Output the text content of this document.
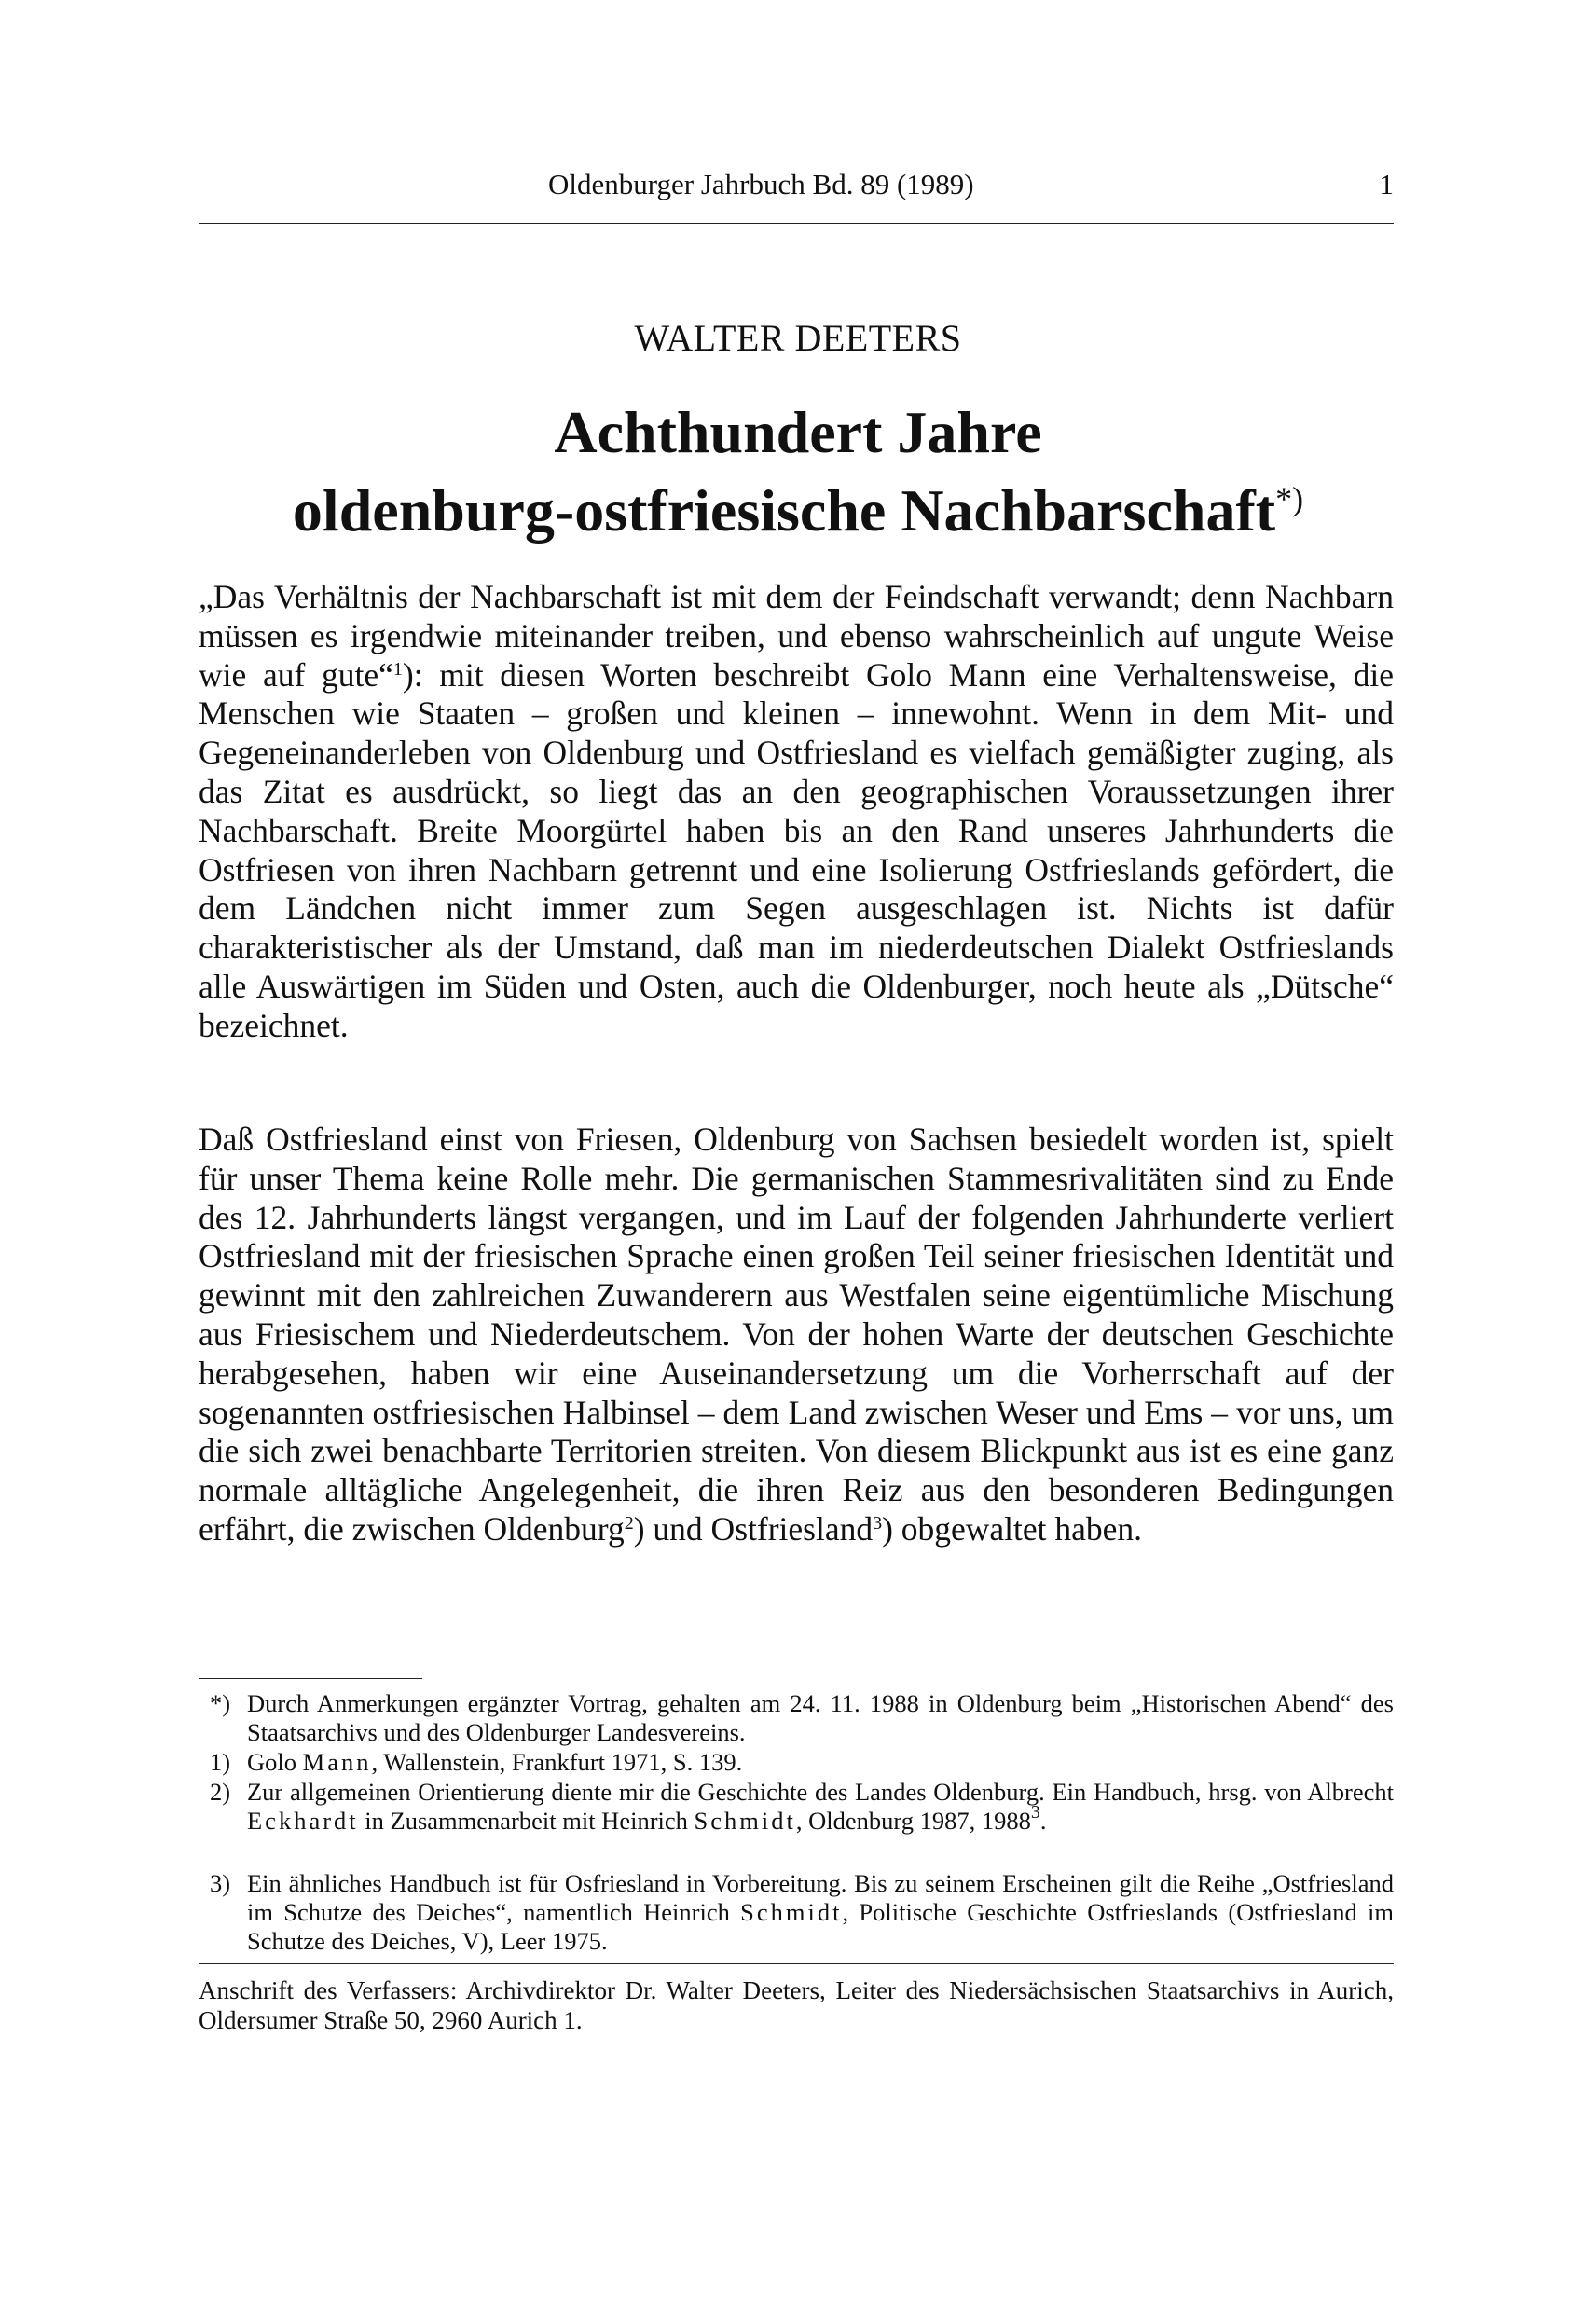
Oldenburger Jahrbuch Bd. 89 (1989)	1
WALTER DEETERS
Achthundert Jahre
oldenburg-ostfriesische Nachbarschaft*)
„Das Verhältnis der Nachbarschaft ist mit dem der Feindschaft verwandt; denn Nachbarn müssen es irgendwie miteinander treiben, und ebenso wahrscheinlich auf ungute Weise wie auf gute“$^1$): mit diesen Worten beschreibt Golo Mann eine Verhaltensweise, die Menschen wie Staaten – großen und kleinen – innewohnt. Wenn in dem Mit- und Gegeneinanderleben von Oldenburg und Ostfriesland es vielfach gemäßigter zuging, als das Zitat es ausdrückt, so liegt das an den geographischen Voraussetzungen ihrer Nachbarschaft. Breite Moorgürtel haben bis an den Rand unseres Jahrhunderts die Ostfriesen von ihren Nachbarn getrennt und eine Isolierung Ostfrieslands gefördert, die dem Ländchen nicht immer zum Segen ausgeschlagen ist. Nichts ist dafür charakteristischer als der Umstand, daß man im niederdeutschen Dialekt Ostfrieslands alle Auswärtigen im Süden und Osten, auch die Oldenburger, noch heute als „Dütsche“ bezeichnet.
Daß Ostfriesland einst von Friesen, Oldenburg von Sachsen besiedelt worden ist, spielt für unser Thema keine Rolle mehr. Die germanischen Stammesrivalitäten sind zu Ende des 12. Jahrhunderts längst vergangen, und im Lauf der folgenden Jahrhunderte verliert Ostfriesland mit der friesischen Sprache einen großen Teil seiner friesischen Identität und gewinnt mit den zahlreichen Zuwanderern aus Westfalen seine eigentümliche Mischung aus Friesischem und Niederdeutschem. Von der hohen Warte der deutschen Geschichte herabgesehen, haben wir eine Auseinandersetzung um die Vorherrschaft auf der sogenannten ostfriesischen Halbinsel – dem Land zwischen Weser und Ems – vor uns, um die sich zwei benachbarte Territorien streiten. Von diesem Blickpunkt aus ist es eine ganz normale alltägliche Angelegenheit, die ihren Reiz aus den besonderen Bedingungen erfährt, die zwischen Oldenburg$^2$) und Ostfriesland$^3$) obgewaltet haben.
*) Durch Anmerkungen ergänzter Vortrag, gehalten am 24. 11. 1988 in Oldenburg beim „Historischen Abend“ des Staatsarchivs und des Oldenburger Landesvereins.
1) Golo Mann, Wallenstein, Frankfurt 1971, S. 139.
2) Zur allgemeinen Orientierung diente mir die Geschichte des Landes Oldenburg. Ein Handbuch, hrsg. von Albrecht Eckhardt in Zusammenarbeit mit Heinrich Schmidt, Oldenburg 1987, 1988$^3$.
3) Ein ähnliches Handbuch ist für Osfriesland in Vorbereitung. Bis zu seinem Erscheinen gilt die Reihe „Ostfriesland im Schutze des Deiches“, namentlich Heinrich Schmidt, Politische Geschichte Ostfrieslands (Ostfriesland im Schutze des Deiches, V), Leer 1975.
Anschrift des Verfassers: Archivdirektor Dr. Walter Deeters, Leiter des Niedersächsischen Staatsarchivs in Aurich, Oldersumer Straße 50, 2960 Aurich 1.
